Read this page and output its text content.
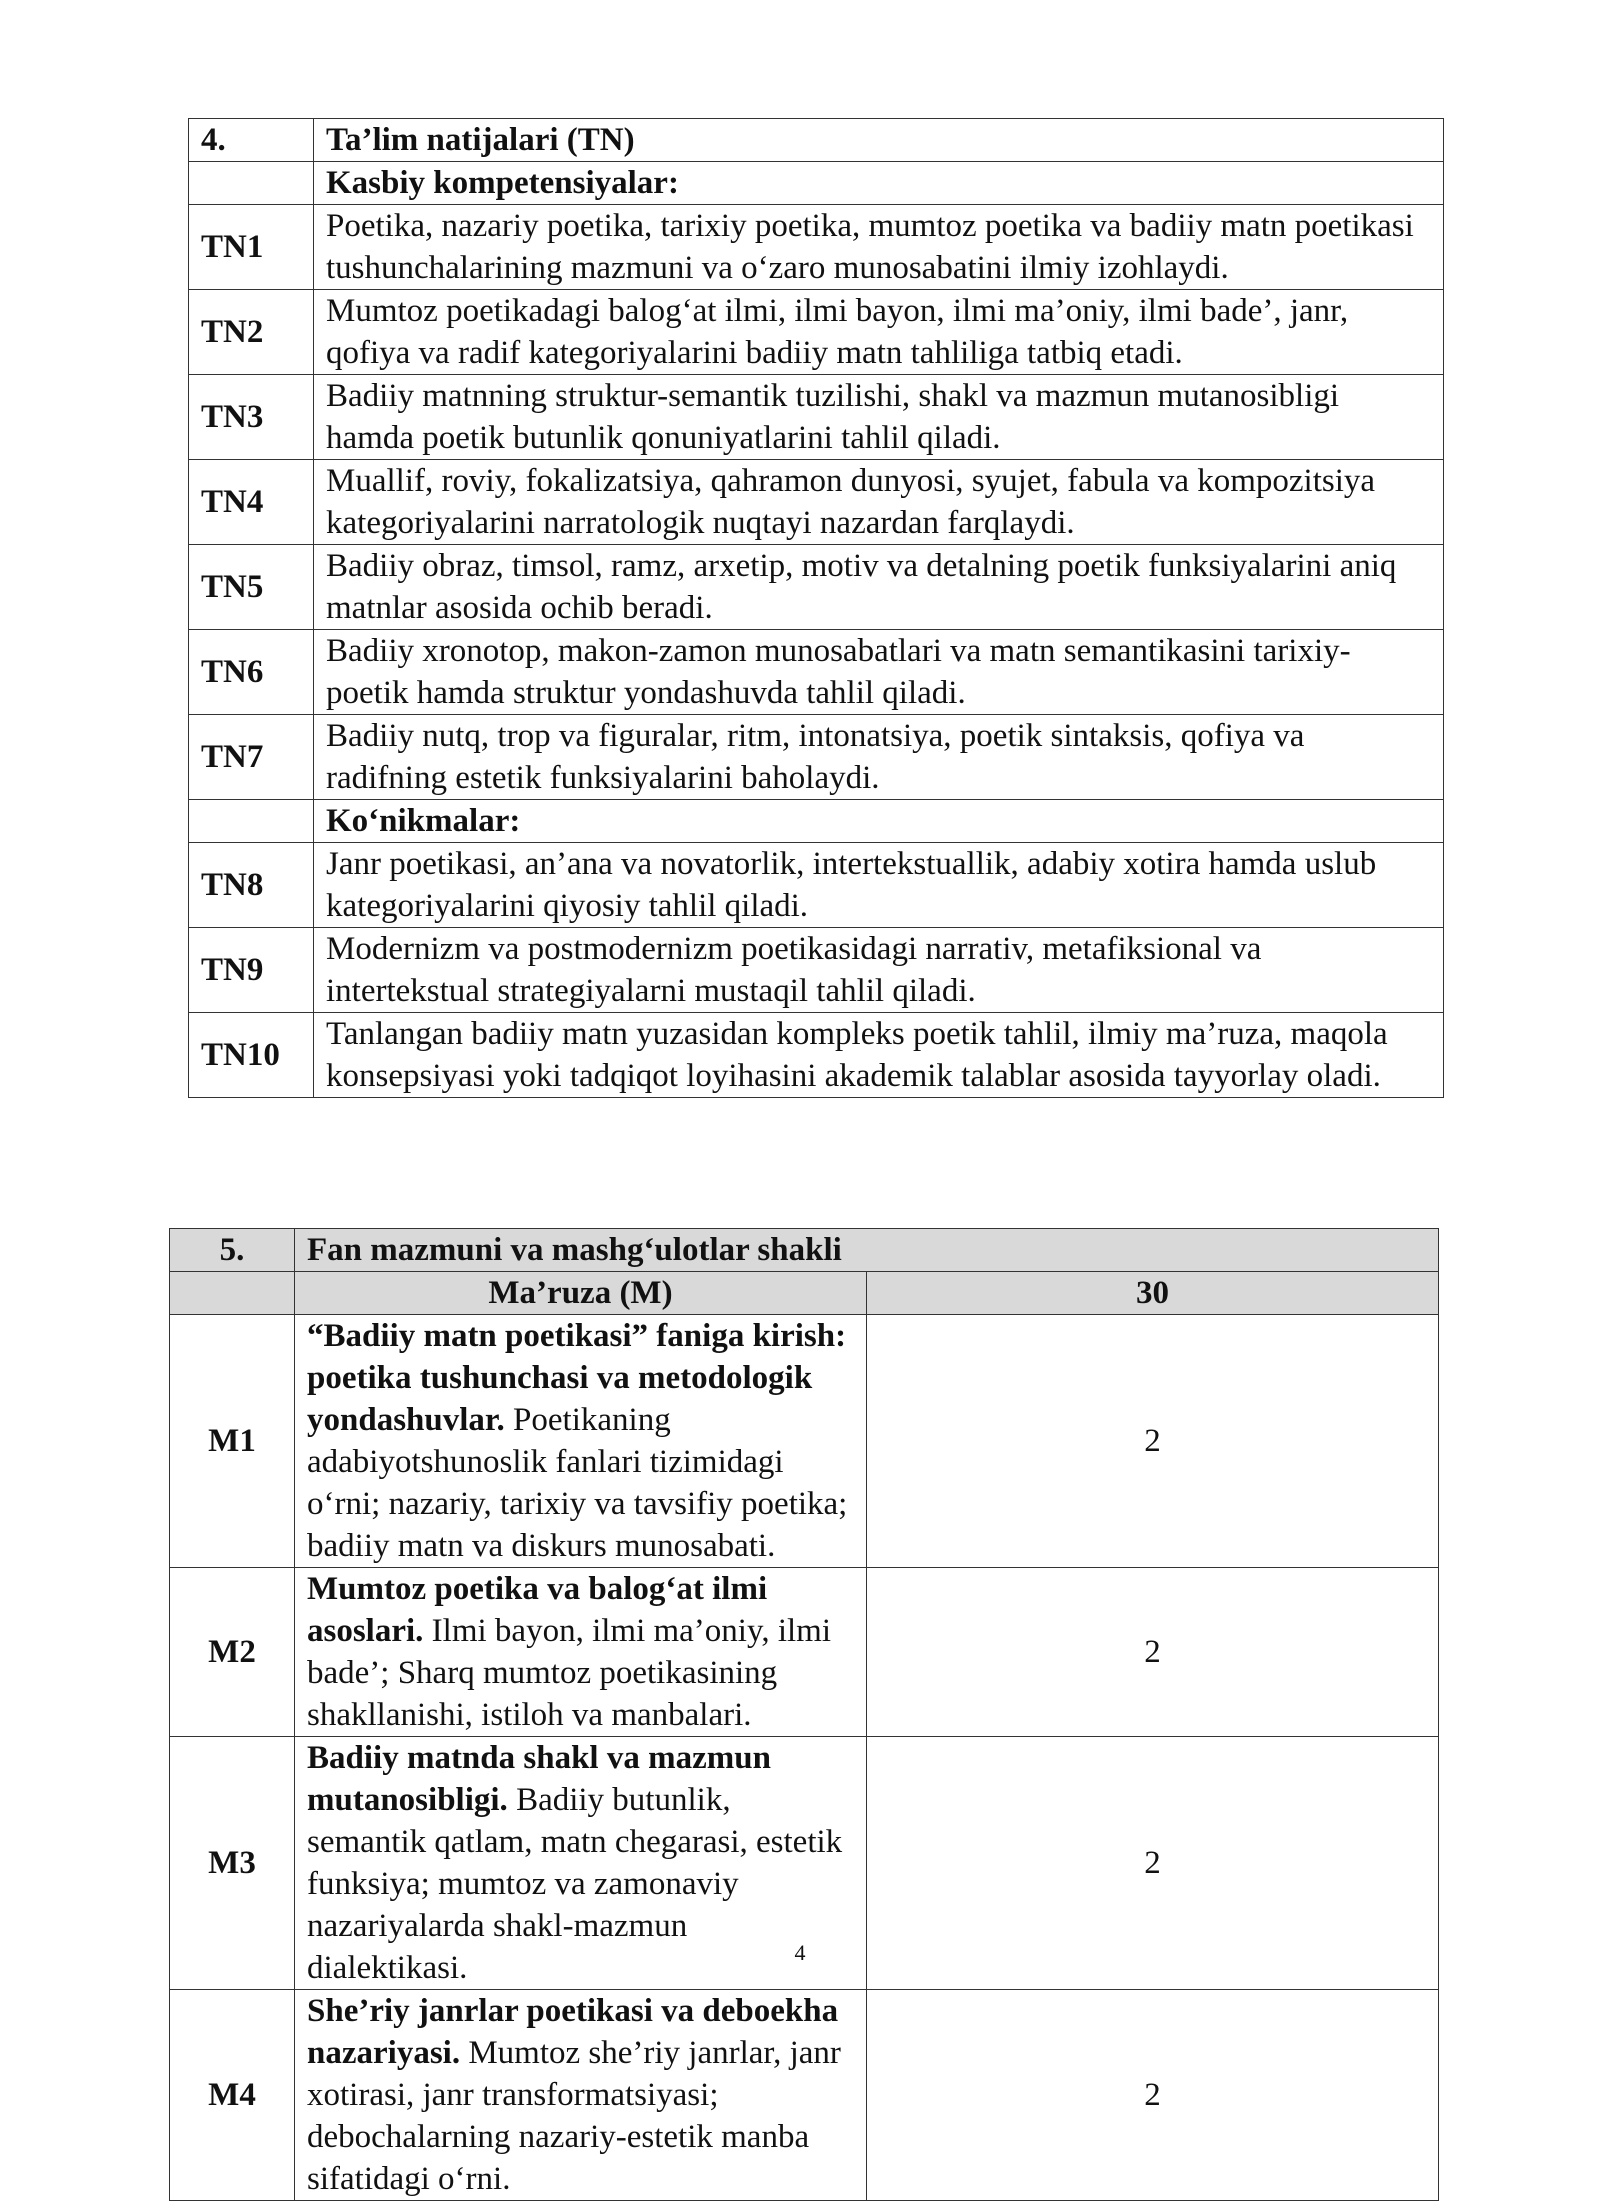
4.	Ta’lim natijalari (TN)
	Kasbiy kompetensiyalar:
TN1	Poetika, nazariy poetika, tarixiy poetika, mumtoz poetika va badiiy matn poetikasi tushunchalarining mazmuni va o‘zaro munosabatini ilmiy izohlaydi.
TN2	Mumtoz poetikadagi balog‘at ilmi, ilmi bayon, ilmi ma’oniy, ilmi bade’, janr, qofiya va radif kategoriyalarini badiiy matn tahliliga tatbiq etadi.
TN3	Badiiy matnning struktur-semantik tuzilishi, shakl va mazmun mutanosibligi hamda poetik butunlik qonuniyatlarini tahlil qiladi.
TN4	Muallif, roviy, fokalizatsiya, qahramon dunyosi, syujet, fabula va kompozitsiya kategoriyalarini narratologik nuqtayi nazardan farqlaydi.
TN5	Badiiy obraz, timsol, ramz, arxetip, motiv va detalning poetik funksiyalarini aniq matnlar asosida ochib beradi.
TN6	Badiiy xronotop, makon-zamon munosabatlari va matn semantikasini tarixiy-poetik hamda struktur yondashuvda tahlil qiladi.
TN7	Badiiy nutq, trop va figuralar, ritm, intonatsiya, poetik sintaksis, qofiya va radifning estetik funksiyalarini baholaydi.
	Ko‘nikmalar:
TN8	Janr poetikasi, an’ana va novatorlik, intertekstuallik, adabiy xotira hamda uslub kategoriyalarini qiyosiy tahlil qiladi.
TN9	Modernizm va postmodernizm poetikasidagi narrativ, metafiksional va intertekstual strategiyalarni mustaqil tahlil qiladi.
TN10	Tanlangan badiiy matn yuzasidan kompleks poetik tahlil, ilmiy ma’ruza, maqola konsepsiyasi yoki tadqiqot loyihasini akademik talablar asosida tayyorlay oladi.
5.	Fan mazmuni va mashg‘ulotlar shakli	
	Ma’ruza (M)	30
M1	“Badiiy matn poetikasi” faniga kirish: poetika tushunchasi va metodologik yondashuvlar. Poetikaning adabiyotshunoslik fanlari tizimidagi o‘rni; nazariy, tarixiy va tavsifiy poetika; badiiy matn va diskurs munosabati.	2
M2	Mumtoz poetika va balog‘at ilmi asoslari. Ilmi bayon, ilmi ma’oniy, ilmi bade’; Sharq mumtoz poetikasining shakllanishi, istiloh va manbalari.	2
M3	Badiiy matnda shakl va mazmun mutanosibligi. Badiiy butunlik, semantik qatlam, matn chegarasi, estetik funksiya; mumtoz va zamonaviy nazariyalarda shakl-mazmun dialektikasi.	2
M4	She’riy janrlar poetikasi va deboekha nazariyasi. Mumtoz she’riy janrlar, janr xotirasi, janr transformatsiyasi; debochalarning nazariy-estetik manba sifatidagi o‘rni.	2
4
